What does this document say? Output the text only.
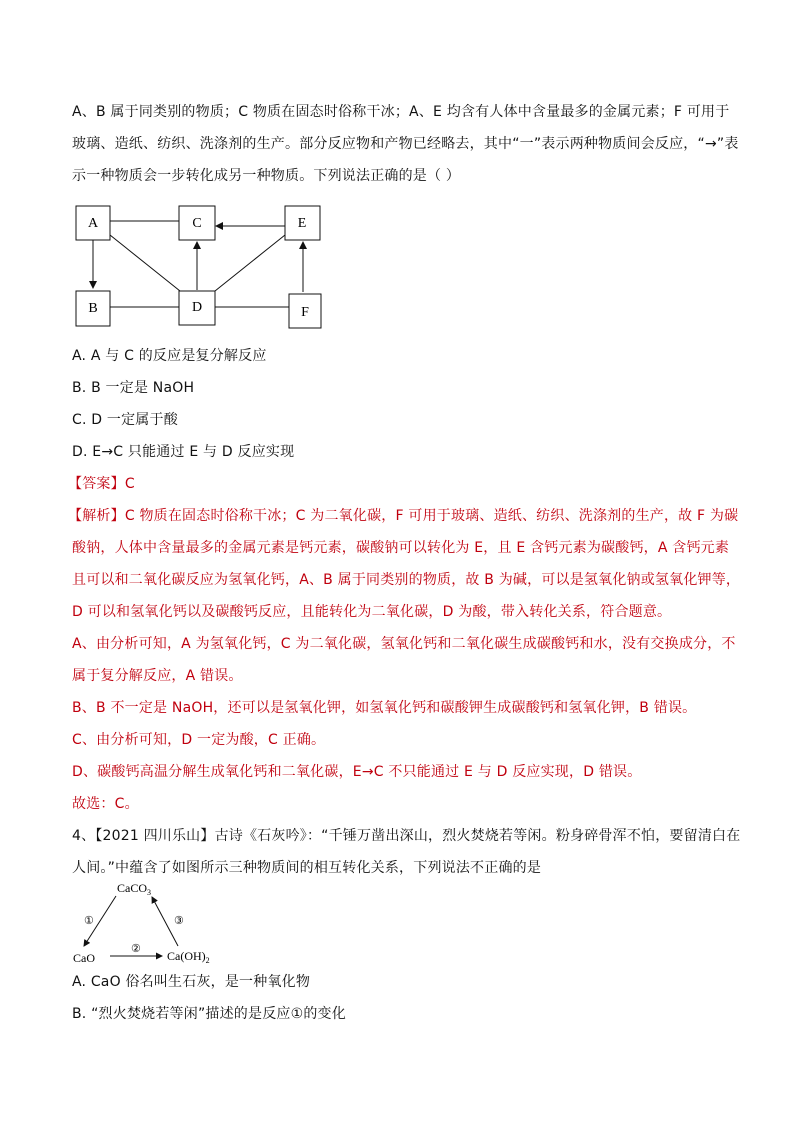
A、B 属于同类别的物质；C 物质在固态时俗称干冰；A、E 均含有人体中含量最多的金属元素；F 可用于
玻璃、造纸、纺织、洗涤剂的生产。部分反应物和产物已经略去，其中“一”表示两种物质间会反应，“→”表
示一种物质会一步转化成另一种物质。下列说法正确的是（ ）
A	C	E
B	D	F
A. A 与 C 的反应是复分解反应
B. B 一定是 NaOH
C. D 一定属于酸
D. E→C 只能通过 E 与 D 反应实现
【答案】C
【解析】C 物质在固态时俗称干冰；C 为二氧化碳，F 可用于玻璃、造纸、纺织、洗涤剂的生产，故 F 为碳
酸钠，人体中含量最多的金属元素是钙元素，碳酸钠可以转化为 E，且 E 含钙元素为碳酸钙，A 含钙元素
且可以和二氧化碳反应为氢氧化钙，A、B 属于同类别的物质，故 B 为碱，可以是氢氧化钠或氢氧化钾等，
D 可以和氢氧化钙以及碳酸钙反应，且能转化为二氧化碳，D 为酸，带入转化关系，符合题意。
A、由分析可知，A 为氢氧化钙，C 为二氧化碳，氢氧化钙和二氧化碳生成碳酸钙和水，没有交换成分，不
属于复分解反应，A 错误。
B、B 不一定是 NaOH，还可以是氢氧化钾，如氢氧化钙和碳酸钾生成碳酸钙和氢氧化钾，B 错误。
C、由分析可知，D 一定为酸，C 正确。
D、碳酸钙高温分解生成氧化钙和二氧化碳，E→C 不只能通过 E 与 D 反应实现，D 错误。
故选：C。
4、【2021 四川乐山】古诗《石灰吟》：“千锤万凿出深山，烈火焚烧若等闲。粉身碎骨浑不怕，要留清白在
人间。”中蕴含了如图所示三种物质间的相互转化关系，下列说法不正确的是
CaCO$_3$
①
②
③
CaO	$Ca(OH)_2$
A. CaO 俗名叫生石灰，是一种氧化物
B. “烈火焚烧若等闲”描述的是反应①的变化
